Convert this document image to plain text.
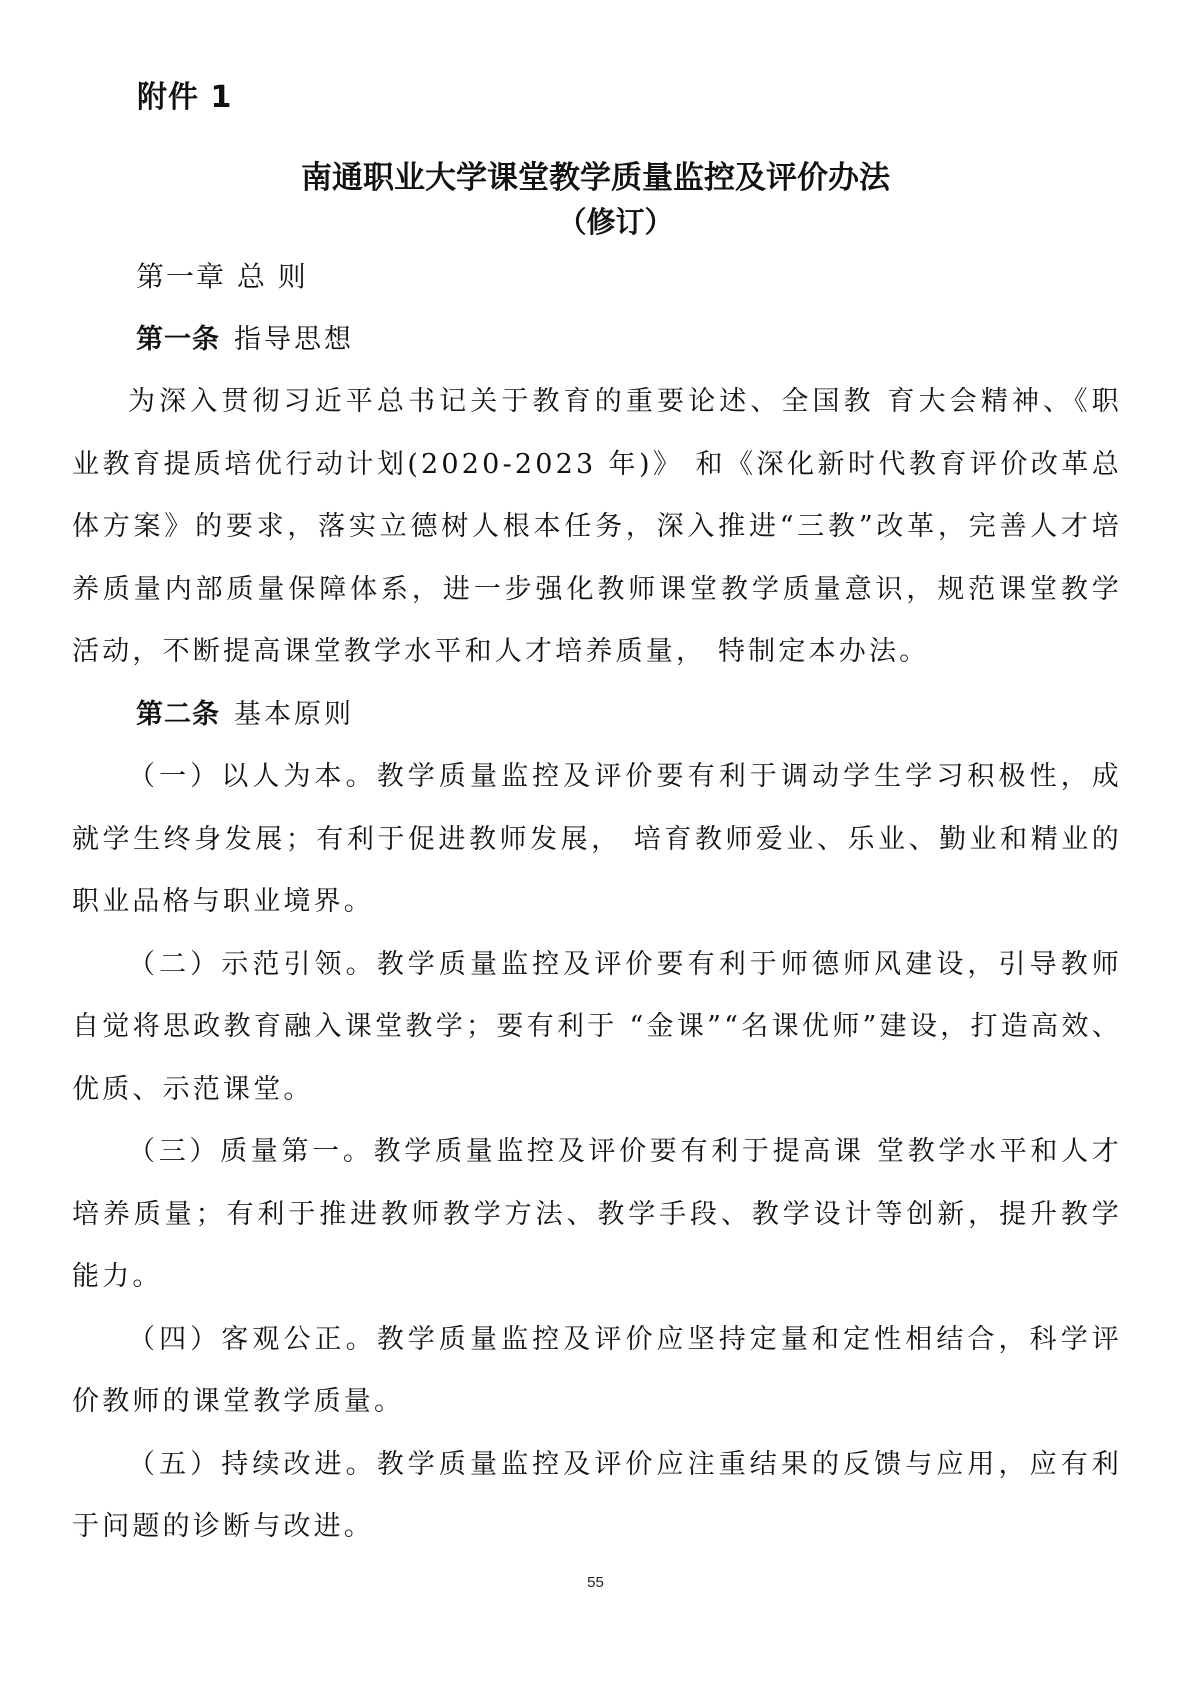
附件 1
南通职业大学课堂教学质量监控及评价办法
（修订）

第一章 总 则

第一条 指导思想

为深入贯彻习近平总书记关于教育的重要论述、全国教 育大会精神、《职业教育提质培优行动计划(2020-2023 年)》 和《深化新时代教育评价改革总体方案》的要求，落实立德树人根本任务，深入推进“三教”改革，完善人才培养质量内部质量保障体系，进一步强化教师课堂教学质量意识，规范课堂教学活动，不断提高课堂教学水平和人才培养质量， 特制定本办法。

第二条 基本原则

（一）以人为本。教学质量监控及评价要有利于调动学生学习积极性，成就学生终身发展；有利于促进教师发展， 培育教师爱业、乐业、勤业和精业的职业品格与职业境界。

（二）示范引领。教学质量监控及评价要有利于师德师风建设，引导教师自觉将思政教育融入课堂教学；要有利于 “金课”“名课优师”建设，打造高效、优质、示范课堂。

（三）质量第一。教学质量监控及评价要有利于提高课 堂教学水平和人才培养质量；有利于推进教师教学方法、教学手段、教学设计等创新，提升教学能力。

（四）客观公正。教学质量监控及评价应坚持定量和定性相结合，科学评价教师的课堂教学质量。

（五）持续改进。教学质量监控及评价应注重结果的反馈与应用，应有利于问题的诊断与改进。

55
